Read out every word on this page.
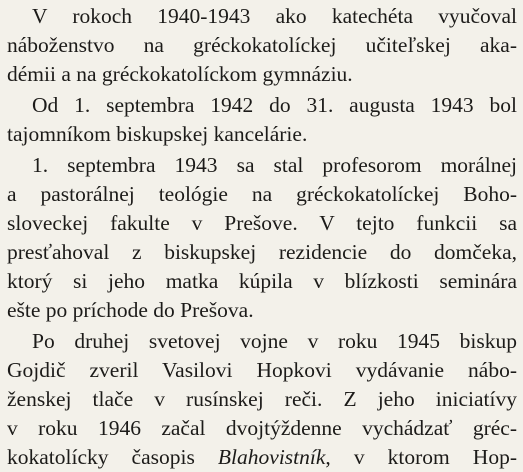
V rokoch 1940-1943 ako katechéta vyučoval
náboženstvo na gréckokatolíckej učiteľskej aka-
démii a na gréckokatolíckom gymnáziu.
Od 1. septembra 1942 do 31. augusta 1943 bol
tajomníkom biskupskej kancelárie.
1. septembra 1943 sa stal profesorom morálnej
a pastorálnej teológie na gréckokatolíckej Boho-
sloveckej fakulte v Prešove. V tejto funkcii sa
presťahoval z biskupskej rezidencie do domčeka,
ktorý si jeho matka kúpila v blízkosti seminára
ešte po príchode do Prešova.
Po druhej svetovej vojne v roku 1945 biskup
Gojdič zveril Vasilovi Hopkovi vydávanie nábo-
ženskej tlače v rusínskej reči. Z jeho iniciatívy
v roku 1946 začal dvojtýždenne vychádzať gréc-
kokatolícky časopis Blahovistník, v ktorom Hop-
